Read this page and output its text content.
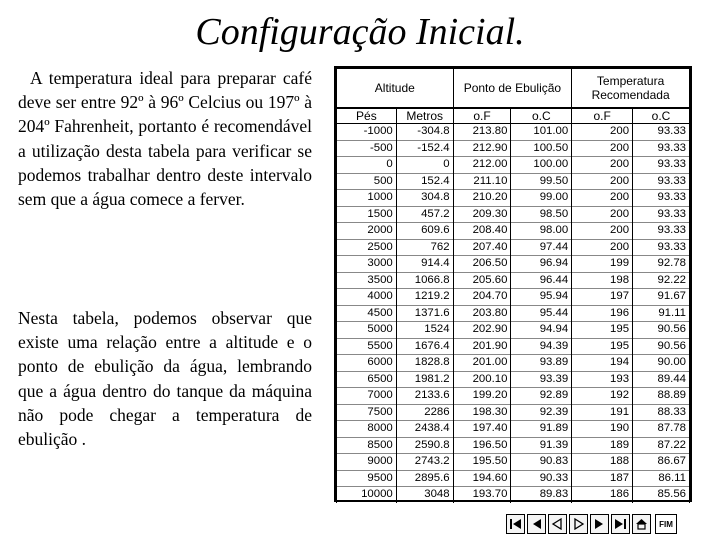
Configuração Inicial.

A temperatura ideal para preparar café deve ser entre 92º à 96º Celcius ou 197º à 204º Fahrenheit, portanto é recomendável a utilização desta tabela para verificar se podemos trabalhar dentro deste intervalo sem que a água comece a ferver.

Nesta tabela, podemos observar que existe uma relação entre a altitude e o ponto de ebulição da água, lembrando que a água dentro do tanque da máquina não pode chegar a temperatura de ebulição .

Altitude		Ponto de Ebulição		Temperatura Recomendada	

Pés	Metros	o.F	o.C	o.F	o.C
-1000	-304.8	213.80	101.00	200	93.33
-500	-152.4	212.90	100.50	200	93.33
0	0	212.00	100.00	200	93.33
500	152.4	211.10	99.50	200	93.33
1000	304.8	210.20	99.00	200	93.33
1500	457.2	209.30	98.50	200	93.33
2000	609.6	208.40	98.00	200	93.33
2500	762	207.40	97.44	200	93.33
3000	914.4	206.50	96.94	199	92.78
3500	1066.8	205.60	96.44	198	92.22
4000	1219.2	204.70	95.94	197	91.67
4500	1371.6	203.80	95.44	196	91.11
5000	1524	202.90	94.94	195	90.56
5500	1676.4	201.90	94.39	195	90.56
6000	1828.8	201.00	93.89	194	90.00
6500	1981.2	200.10	93.39	193	89.44
7000	2133.6	199.20	92.89	192	88.89
7500	2286	198.30	92.39	191	88.33
8000	2438.4	197.40	91.89	190	87.78
8500	2590.8	196.50	91.39	189	87.22
9000	2743.2	195.50	90.83	188	86.67
9500	2895.6	194.60	90.33	187	86.11
10000	3048	193.70	89.83	186	85.56
FIM
